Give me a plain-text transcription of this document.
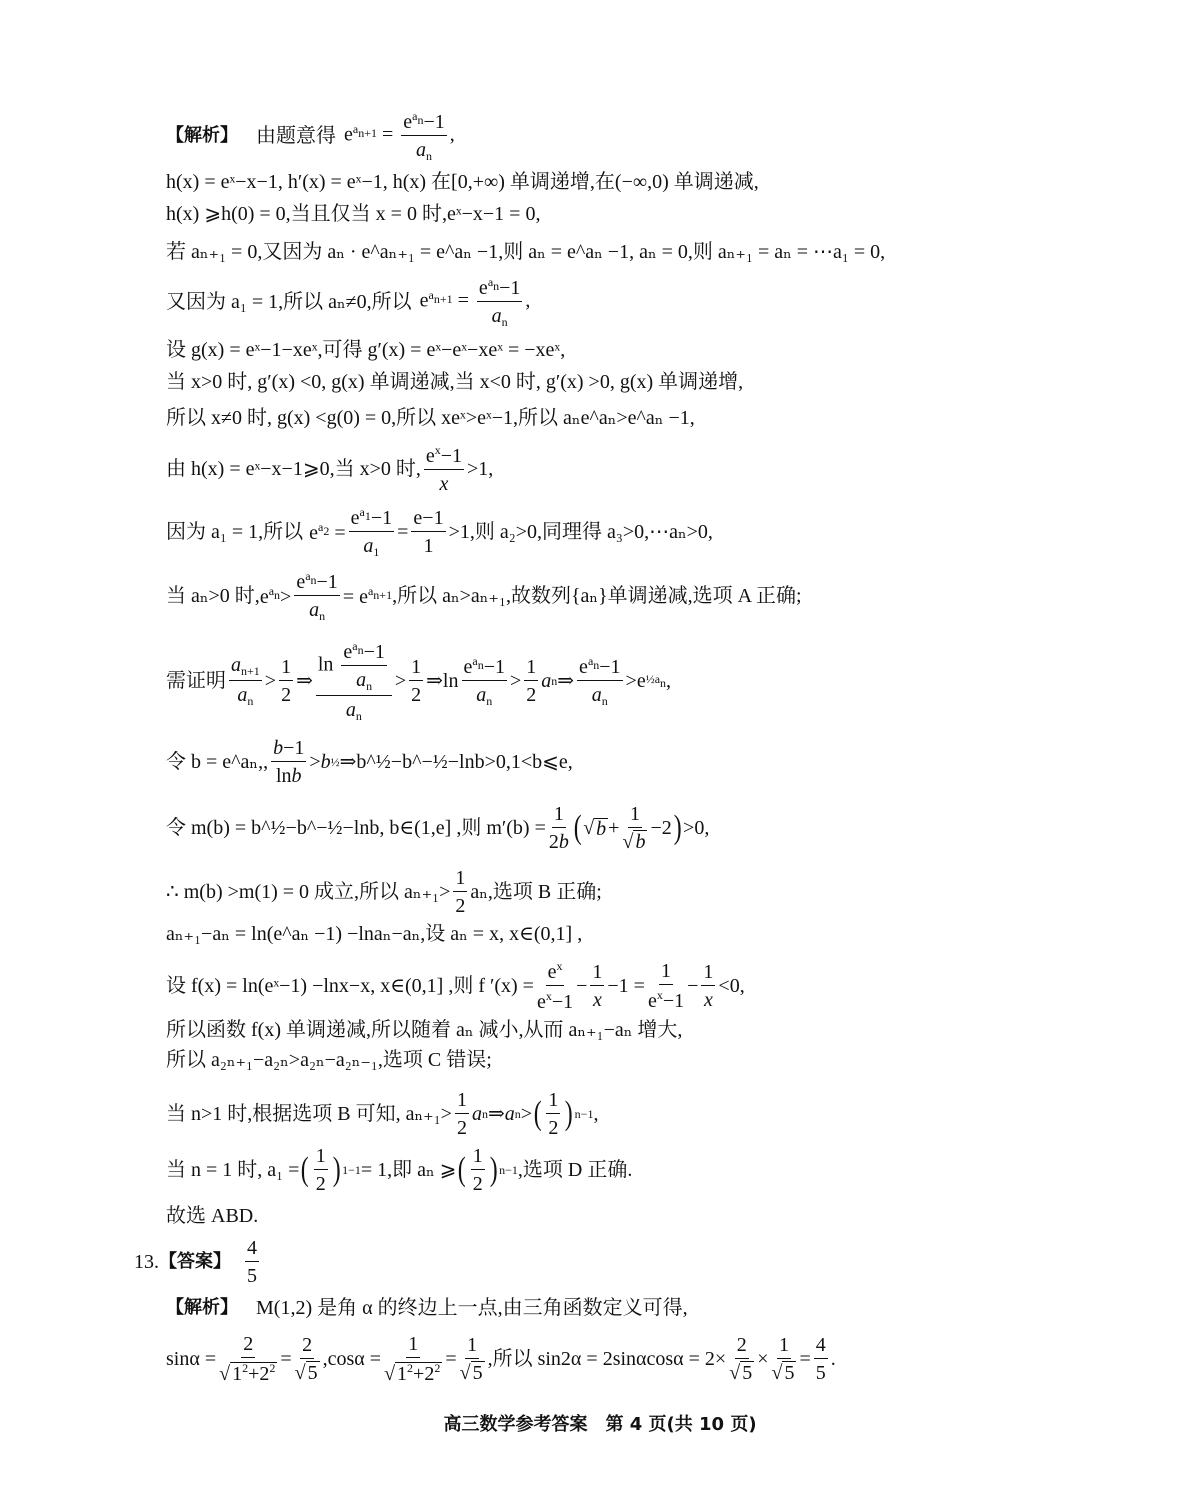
【解析】 由题意得 $e^{a_{n+1}}$ =
$e^{a_n}-1$
$a_n$
,
h(x) = eˣ−x−1, h′(x) = eˣ−1, h(x) 在[0,+∞) 单调递增,在(−∞,0) 单调递减,
h(x) ⩾h(0) = 0,当且仅当 x = 0 时,eˣ−x−1 = 0,
若 aₙ₊₁ = 0,又因为 aₙ · e^aₙ₊₁ = e^aₙ −1,则 aₙ = e^aₙ −1, aₙ = 0,则 aₙ₊₁ = aₙ = ⋯a₁ = 0,
又因为 a₁ = 1,所以 aₙ≠0,所以 $e^{a_{n+1}}$ =
$e^{a_n}-1$
$a_n$
,
设 g(x) = eˣ−1−xeˣ,可得 g′(x) = eˣ−eˣ−xeˣ = −xeˣ,
当 x>0 时, g′(x) <0, g(x) 单调递减,当 x<0 时, g′(x) >0, g(x) 单调递增,
所以 x≠0 时, g(x) <g(0) = 0,所以 xeˣ>eˣ−1,所以 aₙe^aₙ>e^aₙ −1,
由 h(x) = eˣ−x−1⩾0,当 x>0 时,
$e^x-1$
x
>1,
因为 a₁ = 1,所以 $e^{a_2} = \frac{e^{a_1}-1}{a_1} = \frac{e-1}{1} >1$,则 a₂>0,同理得 a₃>0,⋯aₙ>0,
当 aₙ>0 时, $e^{a_n}>$
$e^{a_n}-1$
$a_n$
= $e^{a_{n+1}}$ ,所以 aₙ>aₙ₊₁,故数列{aₙ}单调递减,选项 A 正确;
需证明
$a_{n+1}$
$a_n$
>
1
2
⇒
ln
$e^{a_n}-1$
$a_n$
$a_n$
>
1
2
⇒ln
$e^{a_n}-1$
$a_n$
>
1
2
a n ⇒
$e^{a_n}-1$
$a_n$
>e $\frac{1}{2}a_n$ ,
令 b = e^aₙ, ,
b−1
lnb
> b ½ ⇒b^½−b^−½−lnb>0,1<b⩽e,
令 m(b) = b^½−b^−½−lnb, b∈(1,e] ,则 $m'(b) = \frac{1}{2b}$ ( √ b +
1
√ b
−2 ) >0,
∴ m(b) >m(1) = 0 成立,所以 aₙ₊₁>
1
2
aₙ,选项 B 正确;
aₙ₊₁−aₙ = ln(e^aₙ −1) −lnaₙ−aₙ,设 aₙ = x, x∈(0,1] ,
设 f(x) = ln(eˣ−1) −lnx−x, x∈(0,1] ,则 f $'(x) = \frac{e^x}{e^x-1}$ −
1
x
−1 =
1
$e^x-1$
−
1
x
<0,
所以函数 f(x) 单调递减,所以随着 aₙ 减小,从而 aₙ₊₁−aₙ 增大,
所以 a₂ₙ₊₁−a₂ₙ>a₂ₙ−a₂ₙ₋₁,选项 C 错误;
当 n>1 时,根据选项 B 可知, aₙ₊₁>
1
2
a n ⇒ a n > ( 1
2 ) n−1 ,
当 n = 1 时, a₁ = ( 1
2 ) 1−1 = 1,即 aₙ ⩾ ( 1
2 ) n−1 ,选项 D 正确.
故选 ABD.
13. 【答案】
4
5
【解析】 M(1,2) 是角 α 的终边上一点,由三角函数定义可得,
$\sin\alpha = \frac{2}{√ 1^2+2^2}$ =
2
√ 5
$,\cos\alpha = \frac{1}{√ 1^2+2^2}$ =
1
√ 5
,所以 $\sin 2\alpha = 2\sin\alpha\cos\alpha = 2\times \frac{2}{√ 5}$ ×
1
√ 5
=
4
5
.
高三数学参考答案　第 4 页(共 10 页)
